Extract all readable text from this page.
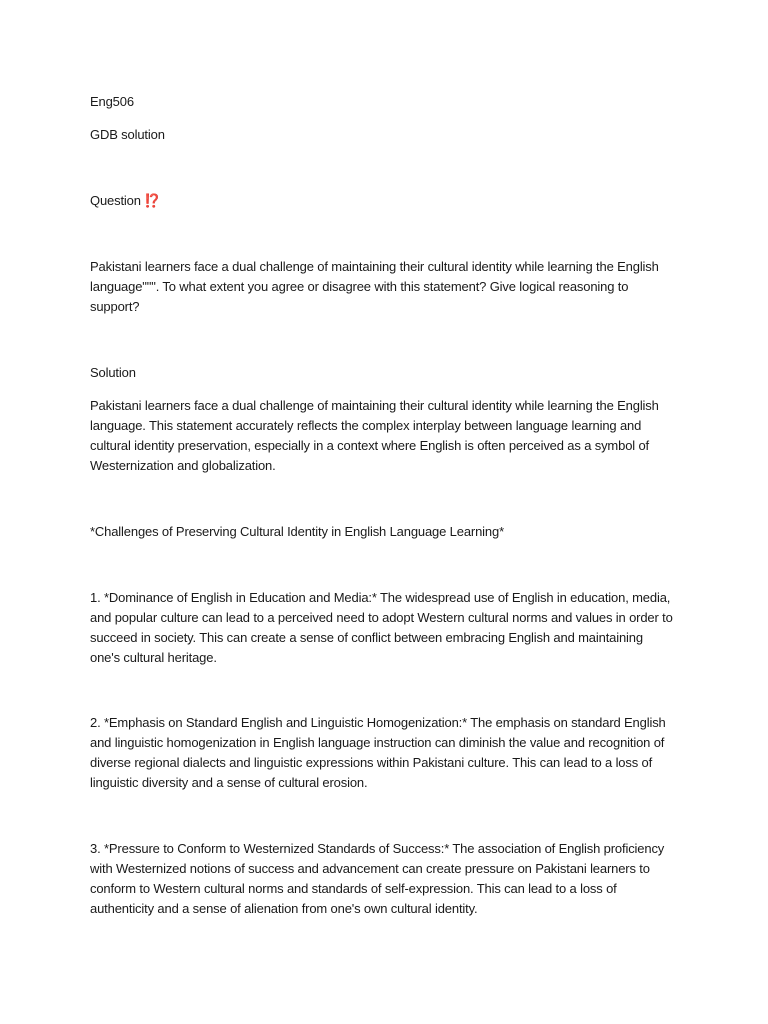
Eng506

GDB solution

Question ⁉️

Pakistani learners face a dual challenge of maintaining their cultural identity while learning the English language""". To what extent you agree or disagree with this statement? Give logical reasoning to support?

Solution

Pakistani learners face a dual challenge of maintaining their cultural identity while learning the English language. This statement accurately reflects the complex interplay between language learning and cultural identity preservation, especially in a context where English is often perceived as a symbol of Westernization and globalization.

*Challenges of Preserving Cultural Identity in English Language Learning*

1. *Dominance of English in Education and Media:* The widespread use of English in education, media, and popular culture can lead to a perceived need to adopt Western cultural norms and values in order to succeed in society. This can create a sense of conflict between embracing English and maintaining one's cultural heritage.

2. *Emphasis on Standard English and Linguistic Homogenization:* The emphasis on standard English and linguistic homogenization in English language instruction can diminish the value and recognition of diverse regional dialects and linguistic expressions within Pakistani culture. This can lead to a loss of linguistic diversity and a sense of cultural erosion.

3. *Pressure to Conform to Westernized Standards of Success:* The association of English proficiency with Westernized notions of success and advancement can create pressure on Pakistani learners to conform to Western cultural norms and standards of self-expression. This can lead to a loss of authenticity and a sense of alienation from one's own cultural identity.
